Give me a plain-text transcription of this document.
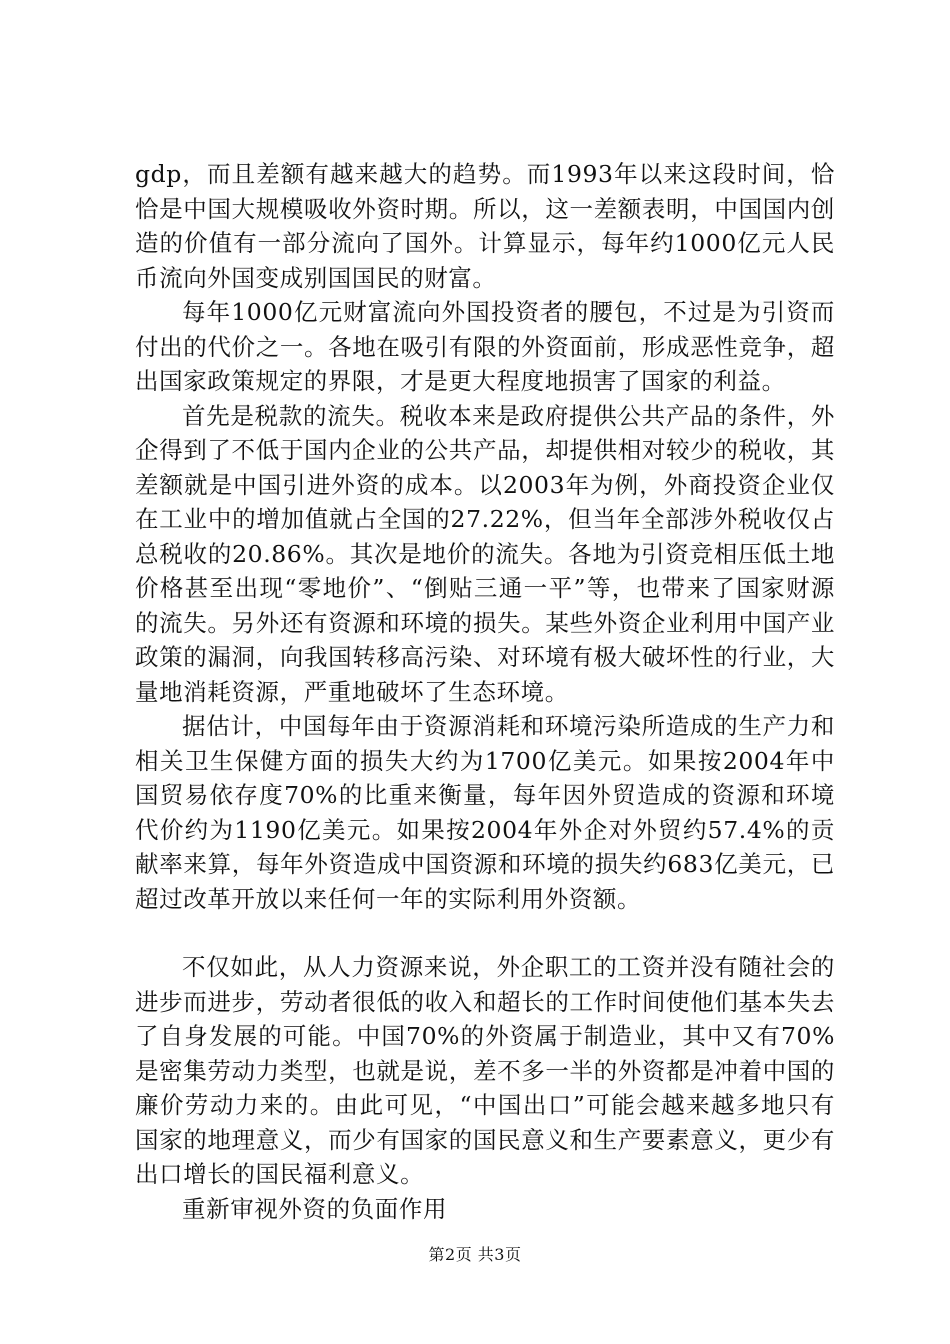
gdp，而且差额有越来越大的趋势。而1993年以来这段时间，恰恰是中国大规模吸收外资时期。所以，这一差额表明，中国国内创造的价值有一部分流向了国外。计算显示，每年约1000亿元人民币流向外国变成别国国民的财富。

每年1000亿元财富流向外国投资者的腰包，不过是为引资而付出的代价之一。各地在吸引有限的外资面前，形成恶性竞争，超出国家政策规定的界限，才是更大程度地损害了国家的利益。

首先是税款的流失。税收本来是政府提供公共产品的条件，外企得到了不低于国内企业的公共产品，却提供相对较少的税收，其差额就是中国引进外资的成本。以2003年为例，外商投资企业仅在工业中的增加值就占全国的27.22%，但当年全部涉外税收仅占总税收的20.86%。其次是地价的流失。各地为引资竞相压低土地价格甚至出现“零地价”、“倒贴三通一平”等，也带来了国家财源的流失。另外还有资源和环境的损失。某些外资企业利用中国产业政策的漏洞，向我国转移高污染、对环境有极大破坏性的行业，大量地消耗资源，严重地破坏了生态环境。

据估计，中国每年由于资源消耗和环境污染所造成的生产力和相关卫生保健方面的损失大约为1700亿美元。如果按2004年中国贸易依存度70%的比重来衡量，每年因外贸造成的资源和环境代价约为1190亿美元。如果按2004年外企对外贸约57.4%的贡献率来算，每年外资造成中国资源和环境的损失约683亿美元，已超过改革开放以来任何一年的实际利用外资额。

不仅如此，从人力资源来说，外企职工的工资并没有随社会的进步而进步，劳动者很低的收入和超长的工作时间使他们基本失去了自身发展的可能。中国70%的外资属于制造业，其中又有70%是密集劳动力类型，也就是说，差不多一半的外资都是冲着中国的廉价劳动力来的。由此可见，“中国出口”可能会越来越多地只有国家的地理意义，而少有国家的国民意义和生产要素意义，更少有出口增长的国民福利意义。

重新审视外资的负面作用

第2页 共3页
